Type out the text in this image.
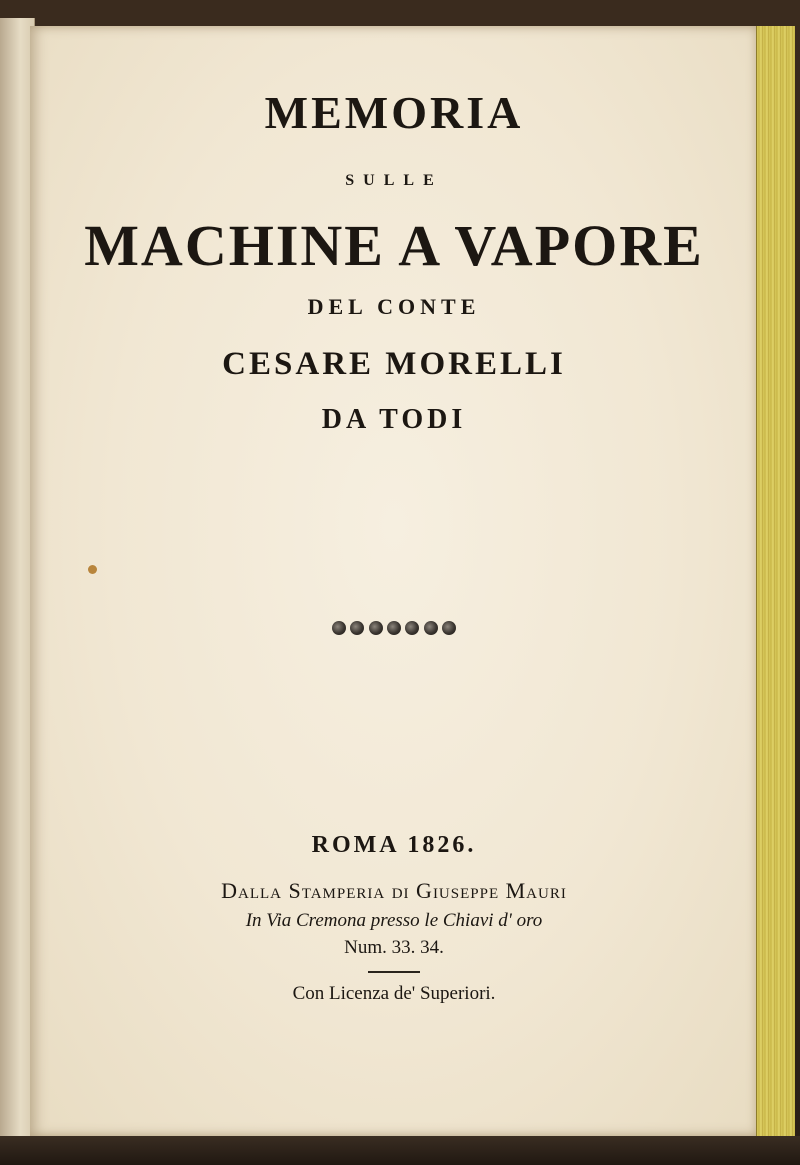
MEMORIA
SULLE
MACHINE A VAPORE
DEL CONTE
CESARE MORELLI
DA TODI
ROMA 1826.
Dalla Stamperia di Giuseppe Mauri
In Via Cremona presso le Chiavi d' oro
Num. 33. 34.
Con Licenza de' Superiori.
